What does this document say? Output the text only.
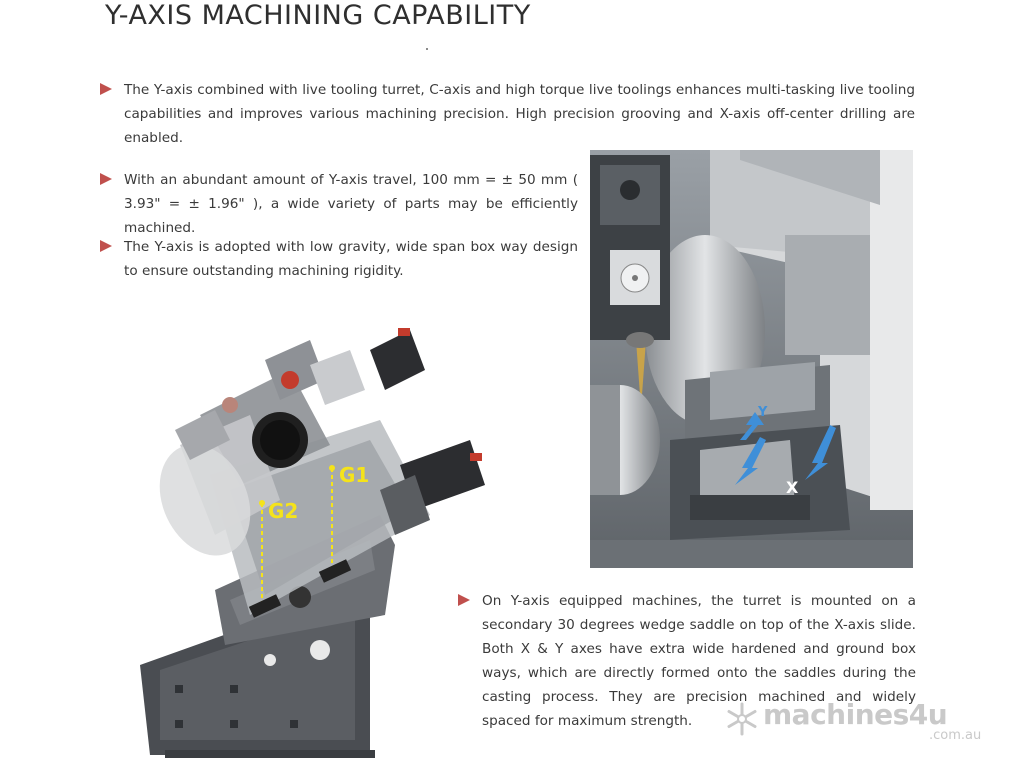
Y-AXIS MACHINING CAPABILITY
The Y-axis combined with live tooling turret, C-axis and high torque live toolings enhances multi-tasking live tooling capabilities and improves various machining precision. High precision grooving and X-axis off-center drilling are enabled.
With an abundant amount of Y-axis travel, 100 mm = ± 50 mm ( 3.93" = ± 1.96" ), a wide variety of parts may be efficiently machined.
The Y-axis is adopted with low gravity, wide span box way design to ensure outstanding machining rigidity.
X
Y
G1
G2
On Y-axis equipped machines, the turret is mounted on a secondary 30 degrees wedge saddle on top of the X-axis slide. Both X & Y axes have extra wide hardened and ground box ways, which are directly formed onto the saddles during the casting process. They are precision machined and widely spaced for maximum strength.	machines4u
.com.au
